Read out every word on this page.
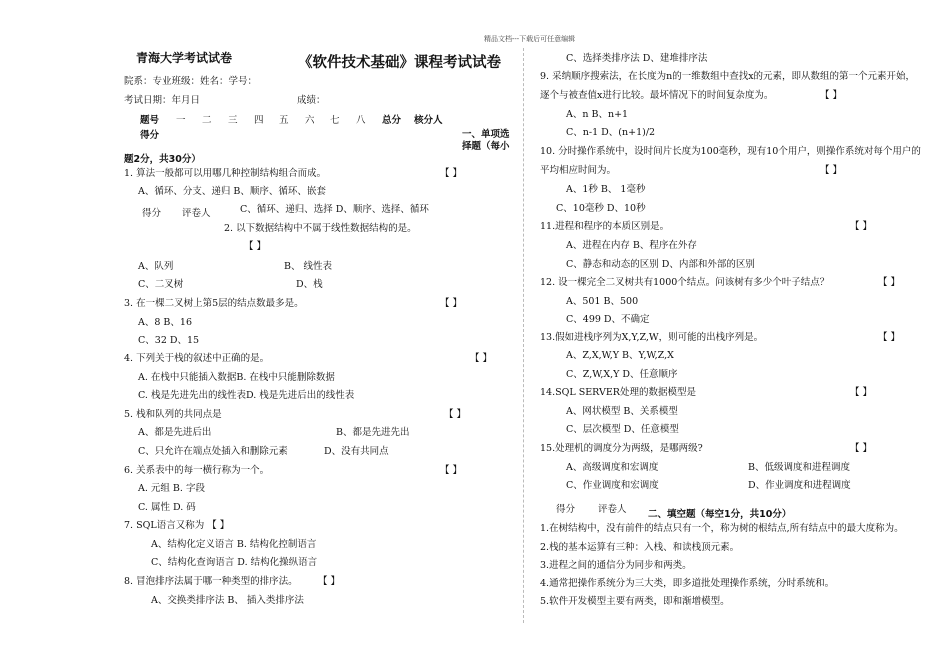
精品文档---下载后可任意编辑
青海大学考试试卷	《软件技术基础》课程考试试卷
院系：专业班级：姓名：学号：
考试日期：年月日	成绩：
题号 一 二 三 四 五 六 七 八 总分 核分人
得分	一、单项选
择题（每小
题2分，共30分）
1. 算法一般都可以用哪几种控制结构组合而成。	【 】
A、循环、分支、递归 B、顺序、循环、嵌套
得分 评卷人	C、循环、递归、选择 D、顺序、选择、循环
2. 以下数据结构中不属于线性数据结构的是。
【 】
A、队列	B、 线性表
C、二叉树	D、栈
3. 在一棵二叉树上第5层的结点数最多是。	【 】
A、8 B、16
C、32 D、15
4. 下列关于栈的叙述中正确的是。	【 】
A. 在栈中只能插入数据B. 在栈中只能删除数据
C. 栈是先进先出的线性表D. 栈是先进后出的线性表
5. 栈和队列的共同点是	【 】
A、都是先进后出	B、都是先进先出
C、只允许在端点处插入和删除元素	D、没有共同点
6. 关系表中的每一横行称为一个。	【 】
A. 元组 B. 字段
C. 属性 D. 码
7. SQL语言又称为 【 】
A、结构化定义语言 B. 结构化控制语言
C、结构化查询语言 D. 结构化操纵语言
8. 冒泡排序法属于哪一种类型的排序法。 【 】
A、交换类排序法 B、 插入类排序法
C、选择类排序法 D、建堆排序法
9. 采纳顺序搜索法，在长度为n的一维数组中查找x的元素，即从数组的第一个元素开始，
逐个与被查值x进行比较。最坏情况下的时间复杂度为。	【 】
A、n B、n+1
C、n-1 D、(n+1)/2
10. 分时操作系统中，设时间片长度为100毫秒，现有10个用户，则操作系统对每个用户的
平均相应时间为。	【 】
A、1秒 B、 1毫秒
C、10毫秒 D、10秒
11.进程和程序的本质区别是。	【 】
A、进程在内存 B、程序在外存
C、静态和动态的区别 D、内部和外部的区别
12. 设一棵完全二叉树共有1000个结点。问该树有多少个叶子结点？	【 】
A、501 B、500
C、499 D、不确定
13.假如进栈序列为X,Y,Z,W，则可能的出栈序列是。	【 】
A、Z,X,W,Y B、Y,W,Z,X
C、Z,W,X,Y D、任意顺序
14.SQL SERVER处理的数据模型是	【 】
A、网状模型 B、关系模型
C、层次模型 D、任意模型
15.处理机的调度分为两级，是哪两级?	【 】
A、高级调度和宏调度	B、低级调度和进程调度
C、作业调度和宏调度	D、作业调度和进程调度
得分 评卷人 二、填空题（每空1分，共10分）
1.在树结构中，没有前件的结点只有一个，称为树的根结点,所有结点中的最大度称为。
2.栈的基本运算有三种：入栈、和读栈顶元素。
3.进程之间的通信分为同步和两类。
4.通常把操作系统分为三大类，即多道批处理操作系统，分时系统和。
5.软件开发模型主要有两类，即和渐增模型。
